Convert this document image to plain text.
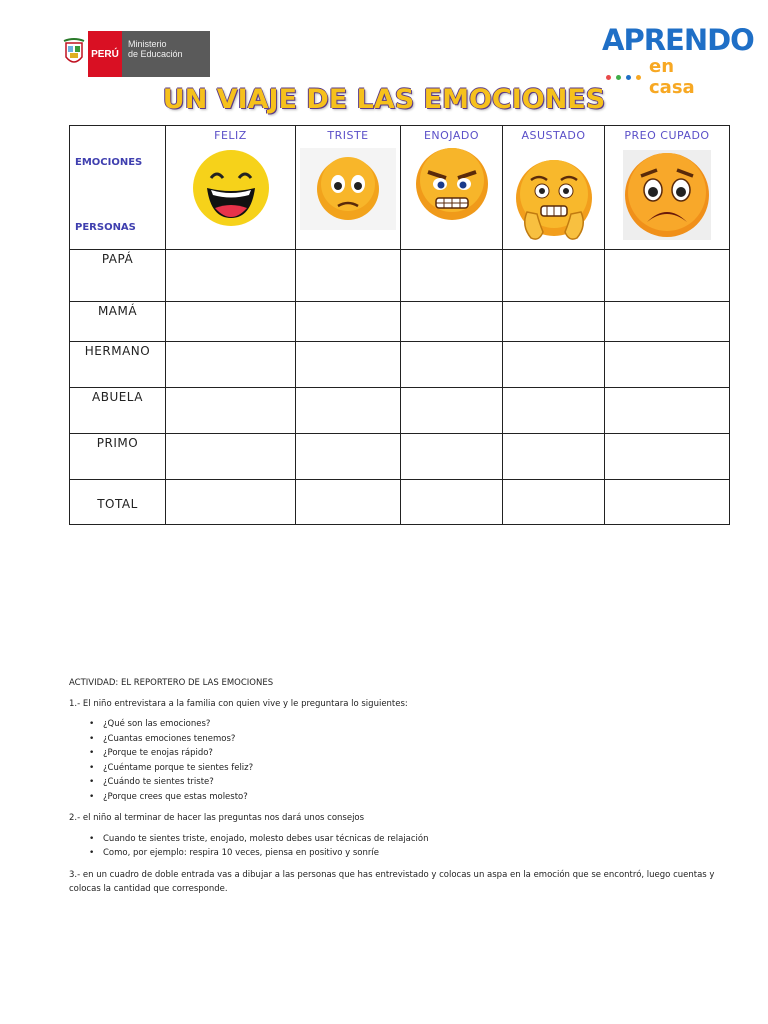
PERÚ
Ministerio
de Educación	APRENDO
en casa
UN VIAJE DE LAS EMOCIONES
EMOCIONES
PERSONAS	FELIZ	TRISTE	ENOJADO	ASUSTADO	PREO CUPADO

PAPÁ					
MAMÁ					
HERMANO					
ABUELA					
PRIMO					
TOTAL					

ACTIVIDAD: EL REPORTERO DE LAS EMOCIONES

1.- El niño entrevistara a la familia con quien vive y le preguntara lo siguientes:

• ¿Qué son las emociones?
• ¿Cuantas emociones tenemos?
• ¿Porque te enojas rápido?
• ¿Cuéntame porque te sientes feliz?
• ¿Cuándo te sientes triste?
• ¿Porque crees que estas molesto?

2.- el niño al terminar de hacer las preguntas nos dará unos consejos

• Cuando te sientes triste, enojado, molesto debes usar técnicas de relajación
• Como, por ejemplo: respira 10 veces, piensa en positivo y sonríe

3.- en un cuadro de doble entrada vas a dibujar a las personas que has entrevistado y colocas un aspa en la emoción que se encontró, luego cuentas y colocas la cantidad que corresponde.
